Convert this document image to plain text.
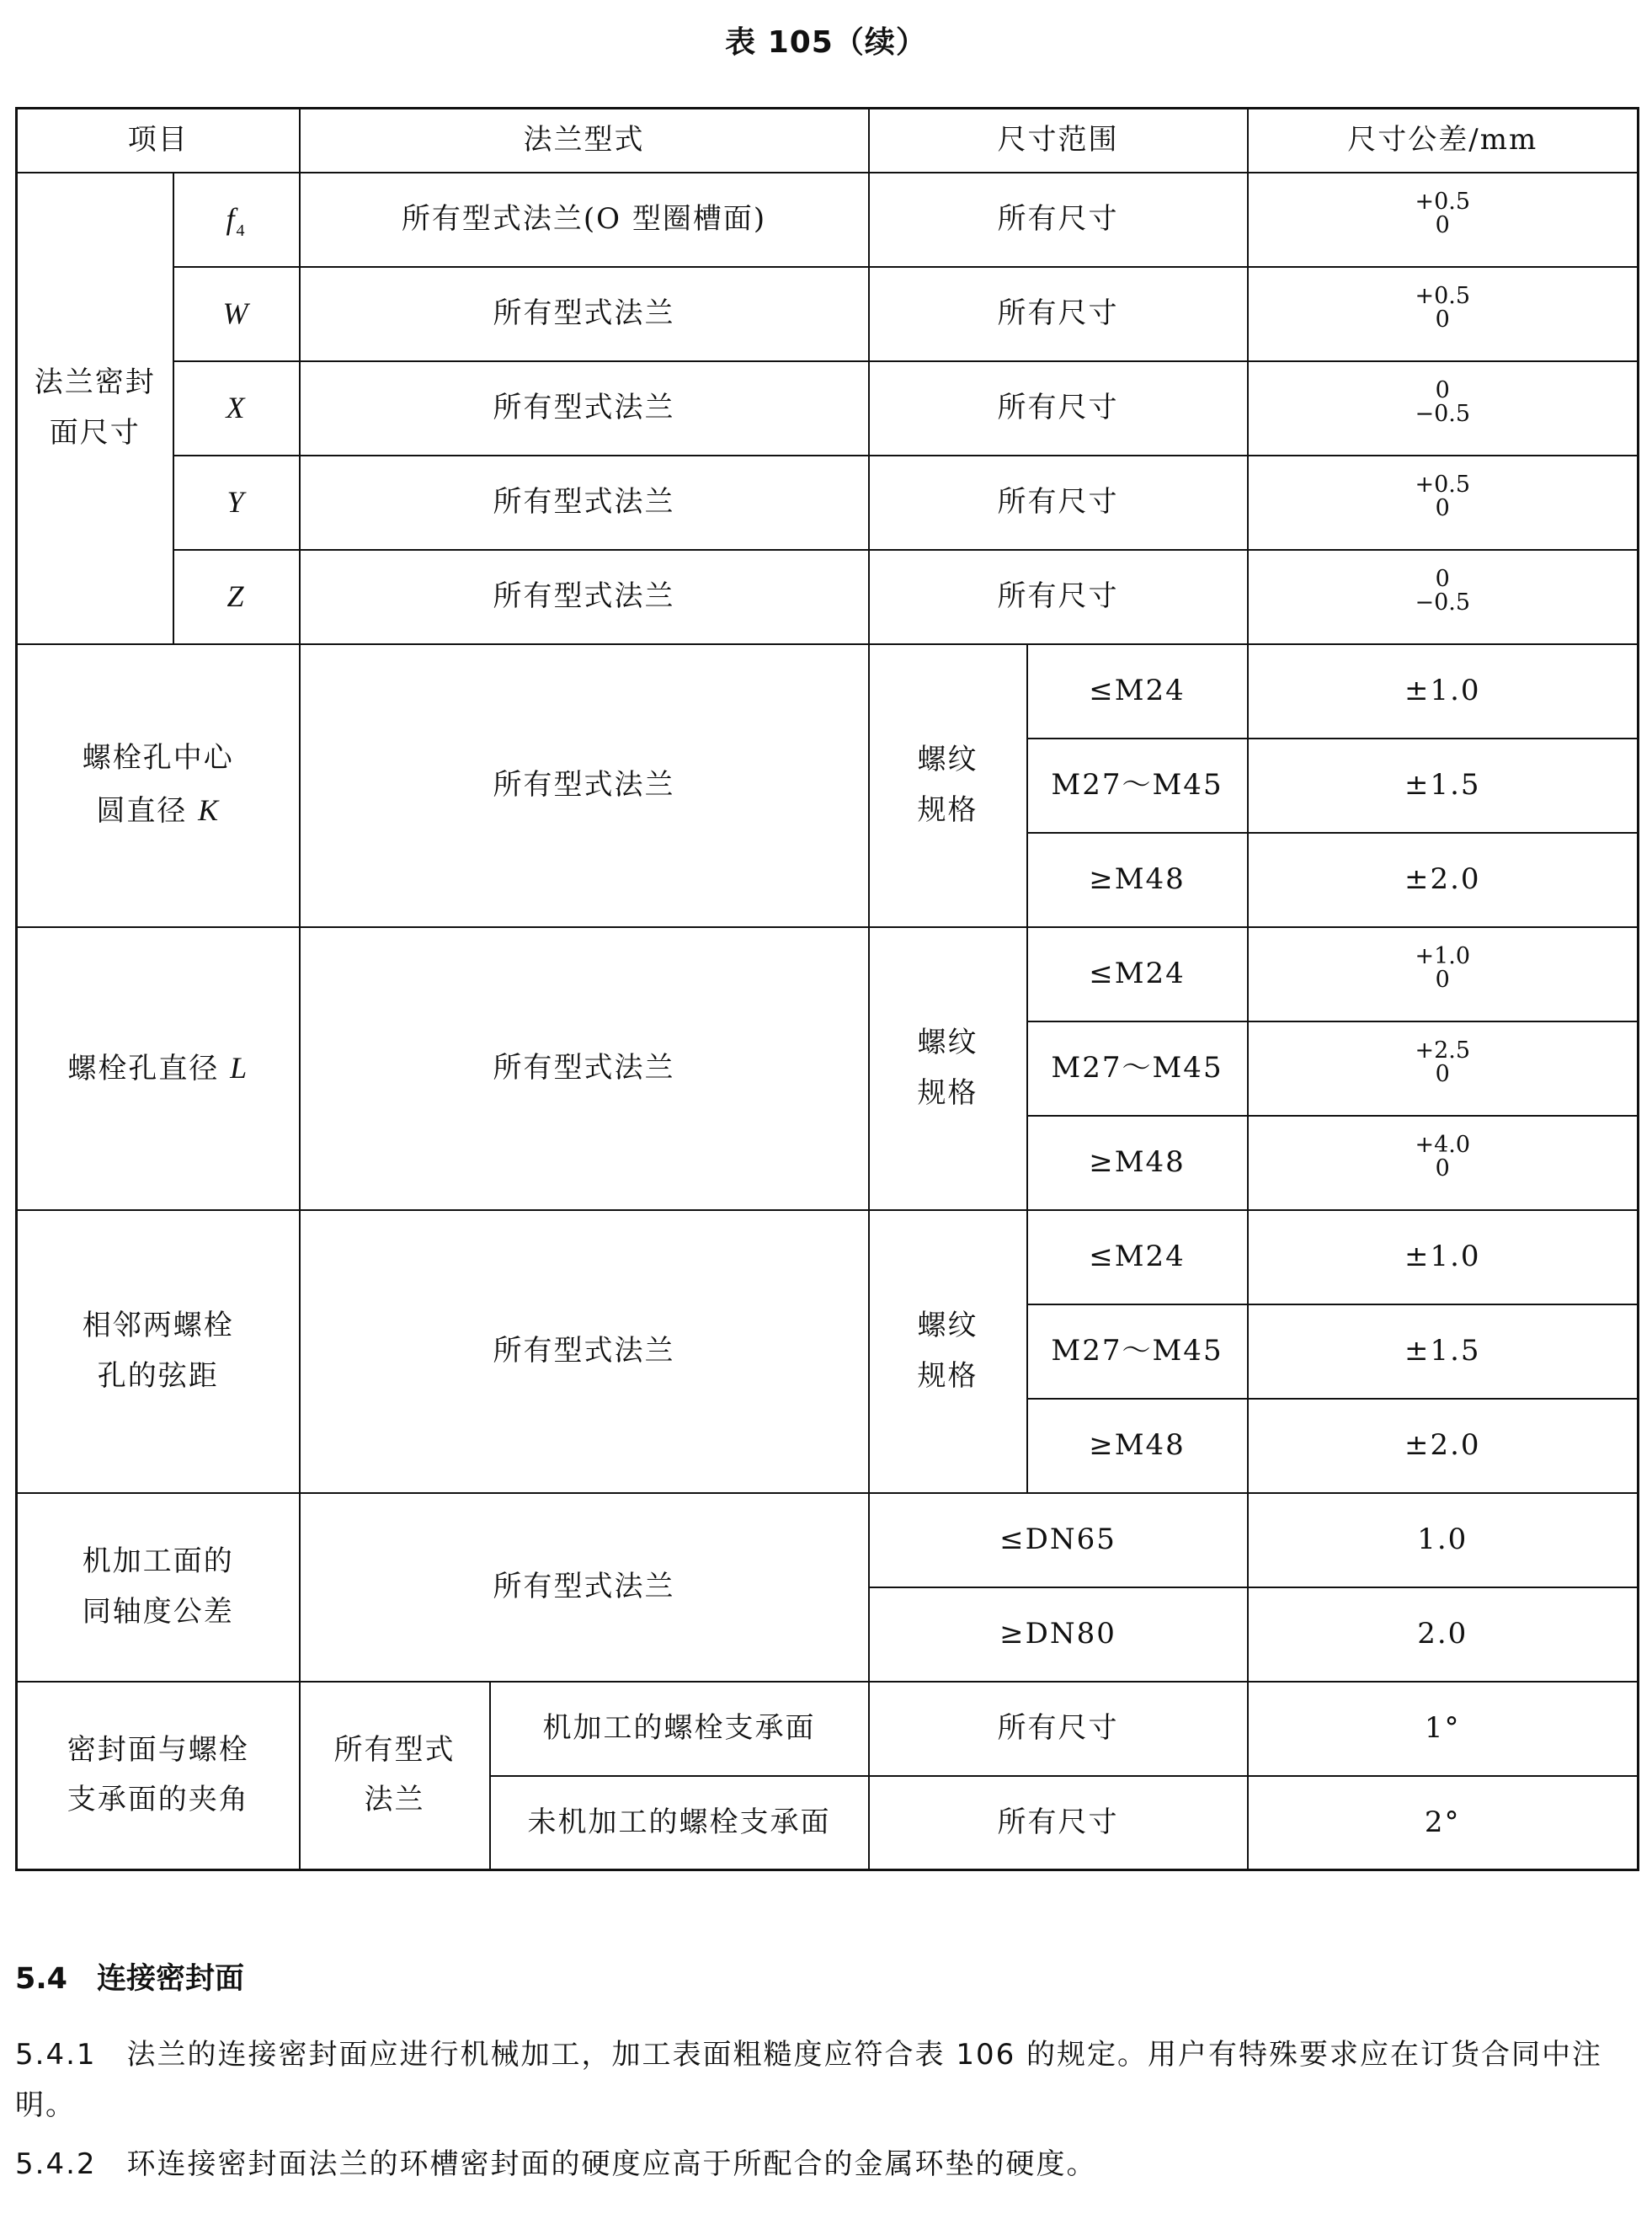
表 105（续）
项目		法兰型式		尺寸范围		尺寸公差/mm
法兰密封面尺寸	$f_4$	所有型式法兰(O 型圈槽面)		所有尺寸		+0.5
0

	W	所有型式法兰		所有尺寸		+0.5
0

	X	所有型式法兰		所有尺寸		0
−0.5

	Y	所有型式法兰		所有尺寸		+0.5
0

	Z	所有型式法兰		所有尺寸		0
−0.5

螺栓孔中心
圆直径 K		所有型式法兰		螺纹规格	≤M24	±1.0
					M27～M45	±1.5
					≥M48	±2.0
螺栓孔直径 L		所有型式法兰		螺纹规格	≤M24	+1.0
0

					M27～M45	+2.5
0

					≥M48	+4.0
0

相邻两螺栓
孔的弦距		所有型式法兰		螺纹规格	≤M24	±1.0
					M27～M45	±1.5
					≥M48	±2.0
机加工面的
同轴度公差		所有型式法兰		≤DN65		1.0
				≥DN80		2.0
密封面与螺栓
支承面的夹角		所有型式
法兰	机加工的螺栓支承面	所有尺寸		1°
			未机加工的螺栓支承面	所有尺寸		2°
5.4　连接密封面

5.4.1　法兰的连接密封面应进行机械加工，加工表面粗糙度应符合表 106 的规定。用户有特殊要求应在订货合同中注明。

5.4.2　环连接密封面法兰的环槽密封面的硬度应高于所配合的金属环垫的硬度。
